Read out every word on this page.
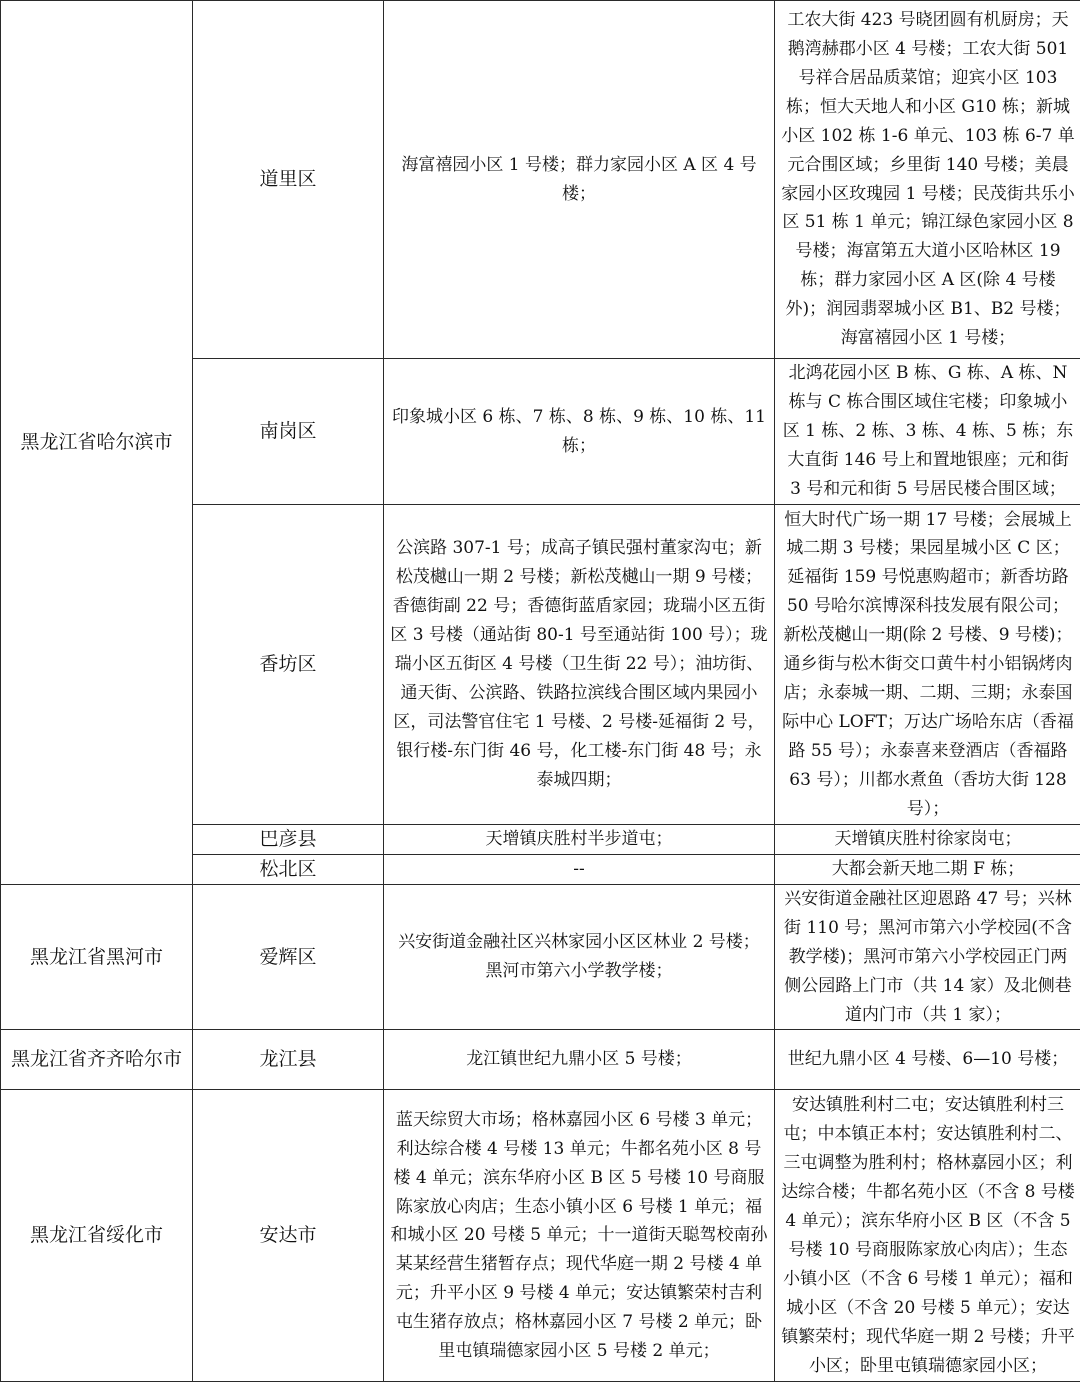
黑龙江省哈尔滨市	道里区	海富禧园小区 1 号楼；群力家园小区 A 区 4 号楼；	工农大街 423 号晓团圆有机厨房；天鹅湾赫郡小区 4 号楼；工农大街 501 号祥合居品质菜馆；迎宾小区 103 栋；恒大天地人和小区 G10 栋；新城小区 102 栋 1-6 单元、103 栋 6-7 单元合围区域；乡里街 140 号楼；美晨家园小区玫瑰园 1 号楼；民茂街共乐小区 51 栋 1 单元；锦江绿色家园小区 8 号楼；海富第五大道小区哈林区 19 栋；群力家园小区 A 区(除 4 号楼外)；润园翡翠城小区 B1、B2 号楼；海富禧园小区 1 号楼；
	南岗区	印象城小区 6 栋、7 栋、8 栋、9 栋、10 栋、11 栋；	北鸿花园小区 B 栋、G 栋、A 栋、N 栋与 C 栋合围区域住宅楼；印象城小区 1 栋、2 栋、3 栋、4 栋、5 栋；东大直街 146 号上和置地银座；元和街 3 号和元和街 5 号居民楼合围区域；
	香坊区	公滨路 307-1 号；成高子镇民强村董家沟屯；新松茂樾山一期 2 号楼；新松茂樾山一期 9 号楼；香德街副 22 号；香德街蓝盾家园；珑瑞小区五街区 3 号楼（通站街 80-1 号至通站街 100 号）；珑瑞小区五街区 4 号楼（卫生街 22 号）；油坊街、通天街、公滨路、铁路拉滨线合围区域内果园小区，司法警官住宅 1 号楼、2 号楼-延福街 2 号，银行楼-东门街 46 号，化工楼-东门街 48 号；永泰城四期；	恒大时代广场一期 17 号楼；会展城上城二期 3 号楼；果园星城小区 C 区；延福街 159 号悦惠购超市；新香坊路 50 号哈尔滨博深科技发展有限公司；新松茂樾山一期(除 2 号楼、9 号楼)；通乡街与松木街交口黄牛村小铝锅烤肉店；永泰城一期、二期、三期；永泰国际中心 LOFT；万达广场哈东店（香福路 55 号）；永泰喜来登酒店（香福路 63 号）；川都水煮鱼（香坊大街 128 号）；
	巴彦县	天增镇庆胜村半步道屯；	天增镇庆胜村徐家岗屯；
	松北区	--	大都会新天地二期 F 栋；
黑龙江省黑河市	爱辉区	兴安街道金融社区兴林家园小区区林业 2 号楼；黑河市第六小学教学楼；	兴安街道金融社区迎恩路 47 号；兴林街 110 号；黑河市第六小学校园(不含教学楼)；黑河市第六小学校园正门两侧公园路上门市（共 14 家）及北侧巷道内门市（共 1 家）；
黑龙江省齐齐哈尔市	龙江县	龙江镇世纪九鼎小区 5 号楼；	世纪九鼎小区 4 号楼、6—10 号楼；
黑龙江省绥化市	安达市	蓝天综贸大市场；格林嘉园小区 6 号楼 3 单元；利达综合楼 4 号楼 13 单元；牛都名苑小区 8 号楼 4 单元；滨东华府小区 B 区 5 号楼 10 号商服陈家放心肉店；生态小镇小区 6 号楼 1 单元；福和城小区 20 号楼 5 单元；十一道街天聪驾校南孙某某经营生猪暂存点；现代华庭一期 2 号楼 4 单元；升平小区 9 号楼 4 单元；安达镇繁荣村吉利屯生猪存放点；格林嘉园小区 7 号楼 2 单元；卧里屯镇瑞德家园小区 5 号楼 2 单元；	安达镇胜利村二屯；安达镇胜利村三屯；中本镇正本村；安达镇胜利村二、三屯调整为胜利村；格林嘉园小区；利达综合楼；牛都名苑小区（不含 8 号楼 4 单元）；滨东华府小区 B 区（不含 5 号楼 10 号商服陈家放心肉店）；生态小镇小区（不含 6 号楼 1 单元）；福和城小区（不含 20 号楼 5 单元）；安达镇繁荣村；现代华庭一期 2 号楼；升平小区；卧里屯镇瑞德家园小区；
